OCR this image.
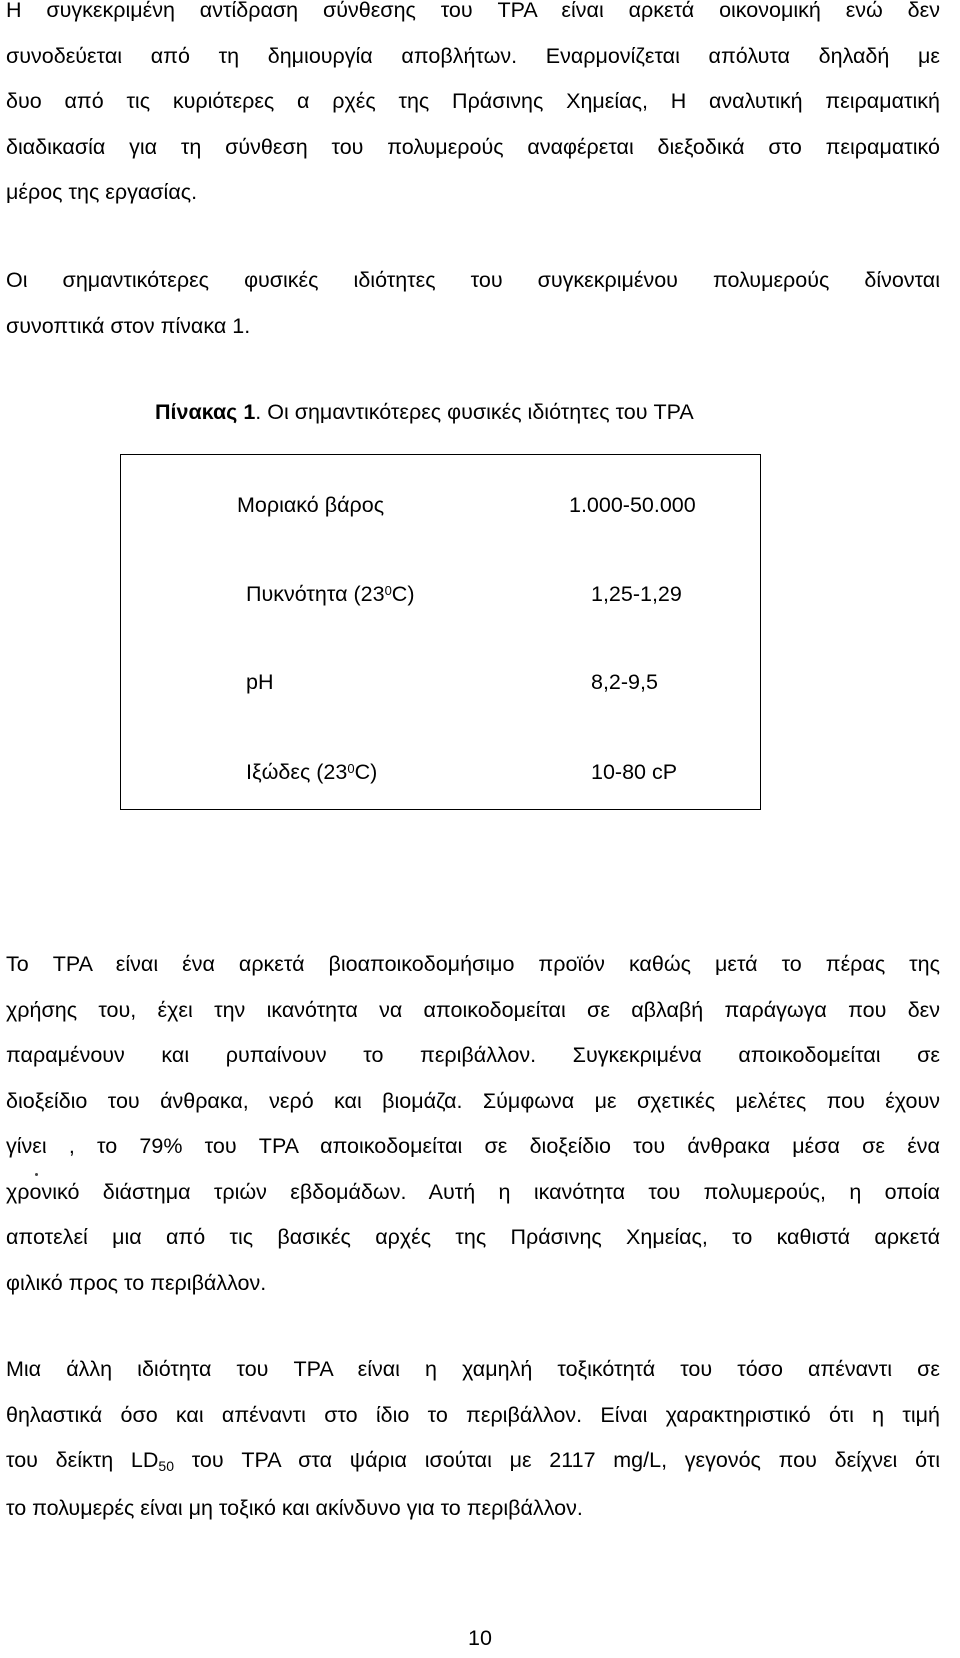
Η συγκεκριμένη αντίδραση σύνθεσης του TPA είναι αρκετά οικονομική ενώ δεν
συνοδεύεται από τη δημιουργία αποβλήτων. Εναρμονίζεται απόλυτα δηλαδή με
δυο από τις κυριότερες α ρχές της Πράσινης Χημείας, Η αναλυτική πειραματική
διαδικασία για τη σύνθεση του πολυμερούς αναφέρεται διεξοδικά στο πειραματικό
μέρος της εργασίας.

Οι σημαντικότερες φυσικές ιδιότητες του συγκεκριμένου πολυμερούς δίνονται
συνοπτικά στον πίνακα 1.

Πίνακας 1. Οι σημαντικότερες φυσικές ιδιότητες του TPA
Μοριακό βάρος	1.000-50.000
Πυκνότητα $(23^0C)$	1,25-1,29
pH	8,2-9,5
Ιξώδες $(23^0C)$	10-80 cP

Το TPA είναι ένα αρκετά βιοαποικοδομήσιμο προϊόν καθώς μετά το πέρας της
χρήσης του, έχει την ικανότητα να αποικοδομείται σε αβλαβή παράγωγα που δεν
παραμένουν και ρυπαίνουν το περιβάλλον. Συγκεκριμένα αποικοδομείται σε
διοξείδιο του άνθρακα, νερό και βιομάζα. Σύμφωνα με σχετικές μελέτες που έχουν
γίνει , το 79% του TPA αποικοδομείται σε διοξείδιο του άνθρακα μέσα σε ένα
χρονικό διάστημα τριών εβδομάδων. Αυτή η ικανότητα του πολυμερούς, η οποία
αποτελεί μια από τις βασικές αρχές της Πράσινης Χημείας, το καθιστά αρκετά
φιλικό προς το περιβάλλον.

Μια άλλη ιδιότητα του TPA είναι η χαμηλή τοξικότητά του τόσο απέναντι σε
θηλαστικά όσο και απέναντι στο ίδιο το περιβάλλον. Είναι χαρακτηριστικό ότι η τιμή
του δείκτη $LD_{50}$ του TPA στα ψάρια ισούται με 2117 mg/L, γεγονός που δείχνει ότι
το πολυμερές είναι μη τοξικό και ακίνδυνο για το περιβάλλον.

10
